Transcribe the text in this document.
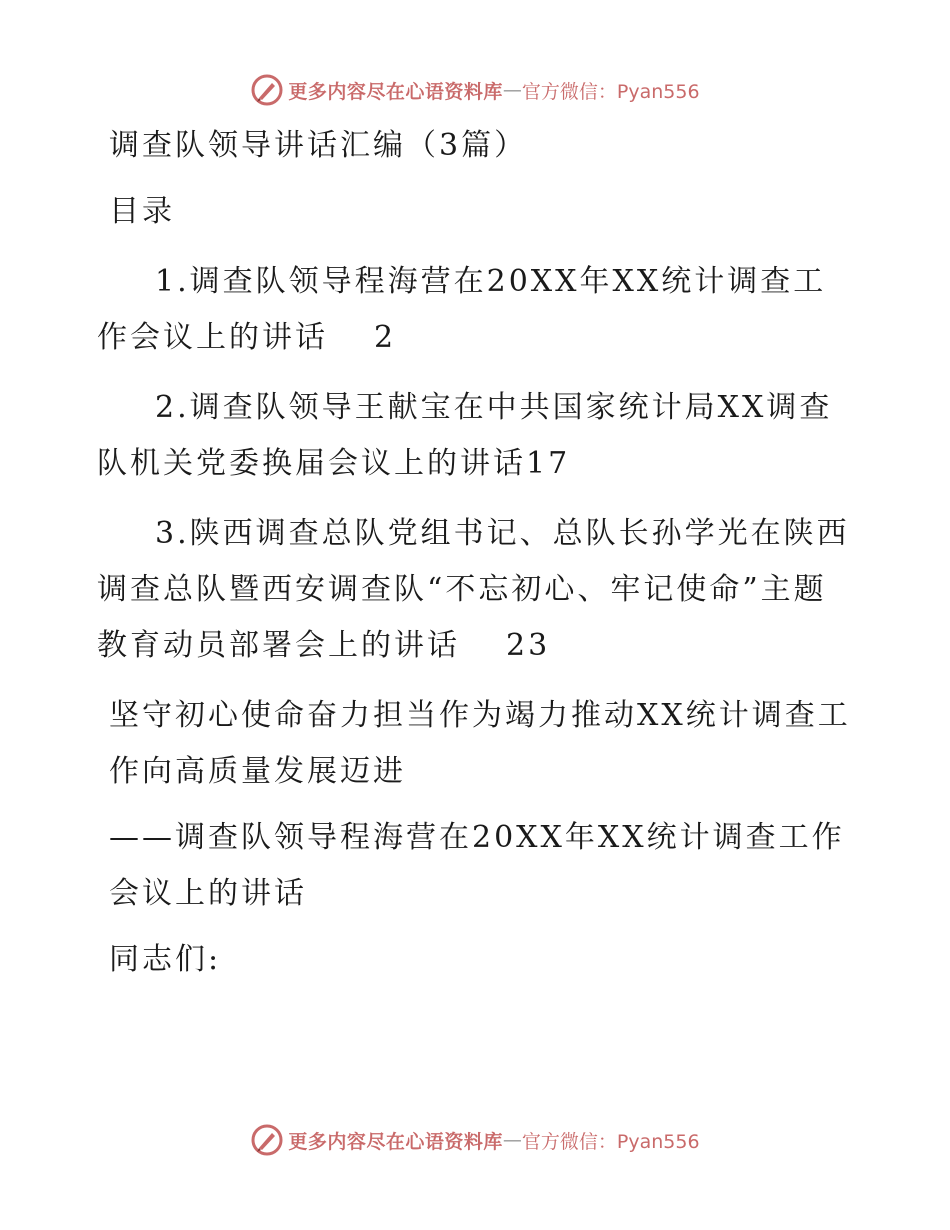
更多内容尽在心语资料库 — 官方微信：Pyan556

调查队领导讲话汇编（3篇）

目录

1.调查队领导程海营在20XX年XX统计调查工作会议上的讲话 2

2.调查队领导王献宝在中共国家统计局XX调查队机关党委换届会议上的讲话17

3.陕西调查总队党组书记、总队长孙学光在陕西调查总队暨西安调查队“不忘初心、牢记使命”主题教育动员部署会上的讲话 23

坚守初心使命奋力担当作为竭力推动XX统计调查工作向高质量发展迈进

——调查队领导程海营在20XX年XX统计调查工作会议上的讲话

同志们:

更多内容尽在心语资料库 — 官方微信：Pyan556
